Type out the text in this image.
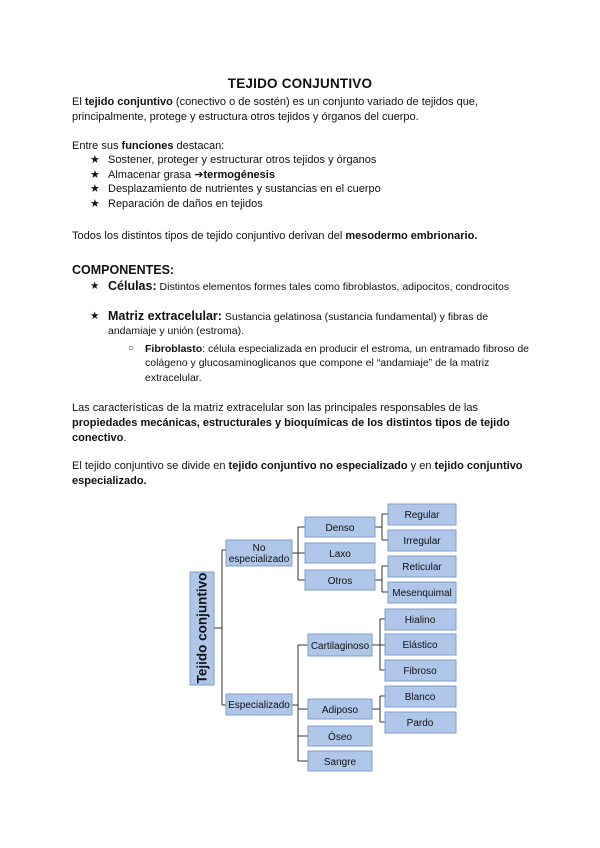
TEJIDO CONJUNTIVO
El tejido conjuntivo (conectivo o de sostén) es un conjunto variado de tejidos que, principalmente, protege y estructura otros tejidos y órganos del cuerpo.
Entre sus funciones destacan:
★ Sostener, proteger y estructurar otros tejidos y órganos
★ Almacenar grasa ➔ termogénesis
★ Desplazamiento de nutrientes y sustancias en el cuerpo
★ Reparación de daños en tejidos
Todos los distintos tipos de tejido conjuntivo derivan del mesodermo embrionario.
COMPONENTES:
★ Células: Distintos elementos formes tales como fibroblastos, adipocitos, condrocitos
★ Matriz extracelular: Sustancia gelatinosa (sustancia fundamental) y fibras de andamiaje y unión (estroma).
○ Fibroblasto: célula especializada en producir el estroma, un entramado fibroso de colágeno y glucosaminoglicanos que compone el “andamiaje” de la matriz extracelular.
Las características de la matriz extracelular son las principales responsables de las propiedades mecánicas, estructurales y bioquímicas de los distintos tipos de tejido conectivo.
El tejido conjuntivo se divide en tejido conjuntivo no especializado y en tejido conjuntivo especializado.
Tejido conjuntivo
No
especializado
Especializado
Denso
Laxo
Otros
Cartilaginoso
Adiposo
Óseo
Sangre
Regular
Irregular
Reticular
Mesenquimal
Hialino
Elástico
Fibroso
Blanco
Pardo
